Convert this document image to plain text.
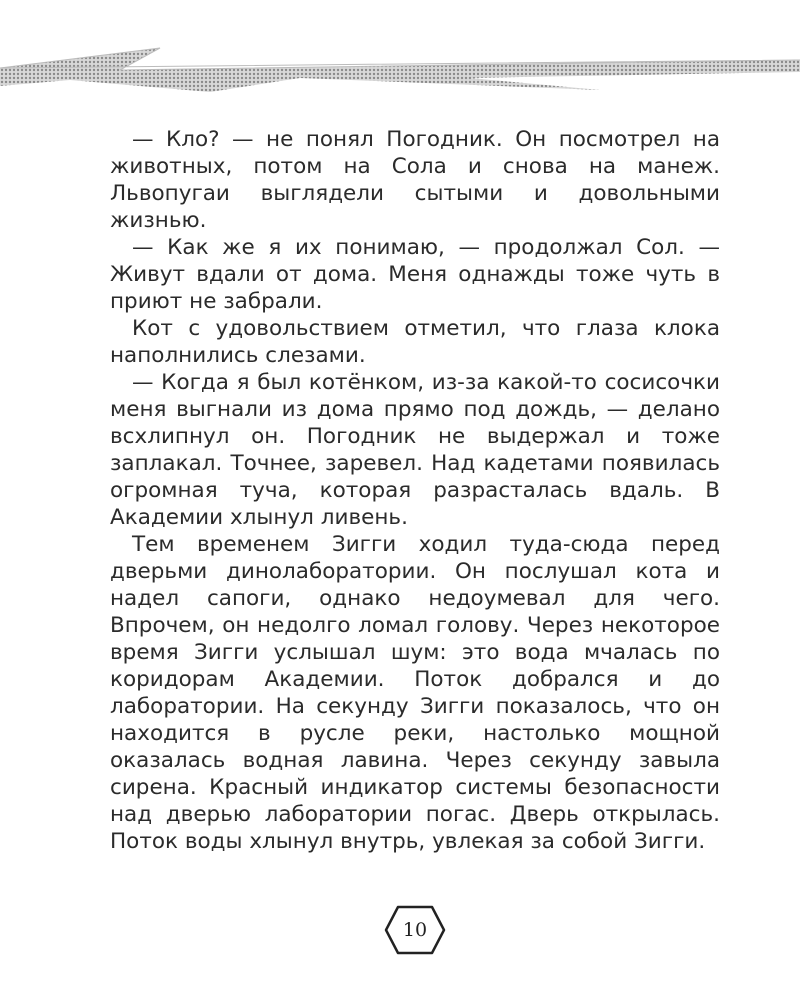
— Кло? — не понял Погодник. Он посмотрел на животных, потом на Сола и снова на манеж. Львопугаи выглядели сытыми и довольными жизнью.

— Как же я их понимаю, — продолжал Сол. — Живут вдали от дома. Меня однажды тоже чуть в приют не забрали.

Кот с удовольствием отметил, что глаза клока наполнились слезами.

— Когда я был котёнком, из-за какой-то сосисочки меня выгнали из дома прямо под дождь, — делано всхлипнул он. Погодник не выдержал и тоже заплакал. Точнее, заревел. Над кадетами появилась огромная туча, которая разрасталась вдаль. В Академии хлынул ливень.

Тем временем Зигги ходил туда-сюда перед дверьми динолаборатории. Он послушал кота и надел сапоги, однако недоумевал для чего. Впрочем, он недолго ломал голову. Через некоторое время Зигги услышал шум: это вода мчалась по коридорам Академии. Поток добрался и до лаборатории. На секунду Зигги показалось, что он находится в русле реки, настолько мощной оказалась водная лавина. Через секунду завыла сирена. Красный индикатор системы безопасности над дверью лаборатории погас. Дверь открылась. Поток воды хлынул внутрь, увлекая за собой Зигги.

10
